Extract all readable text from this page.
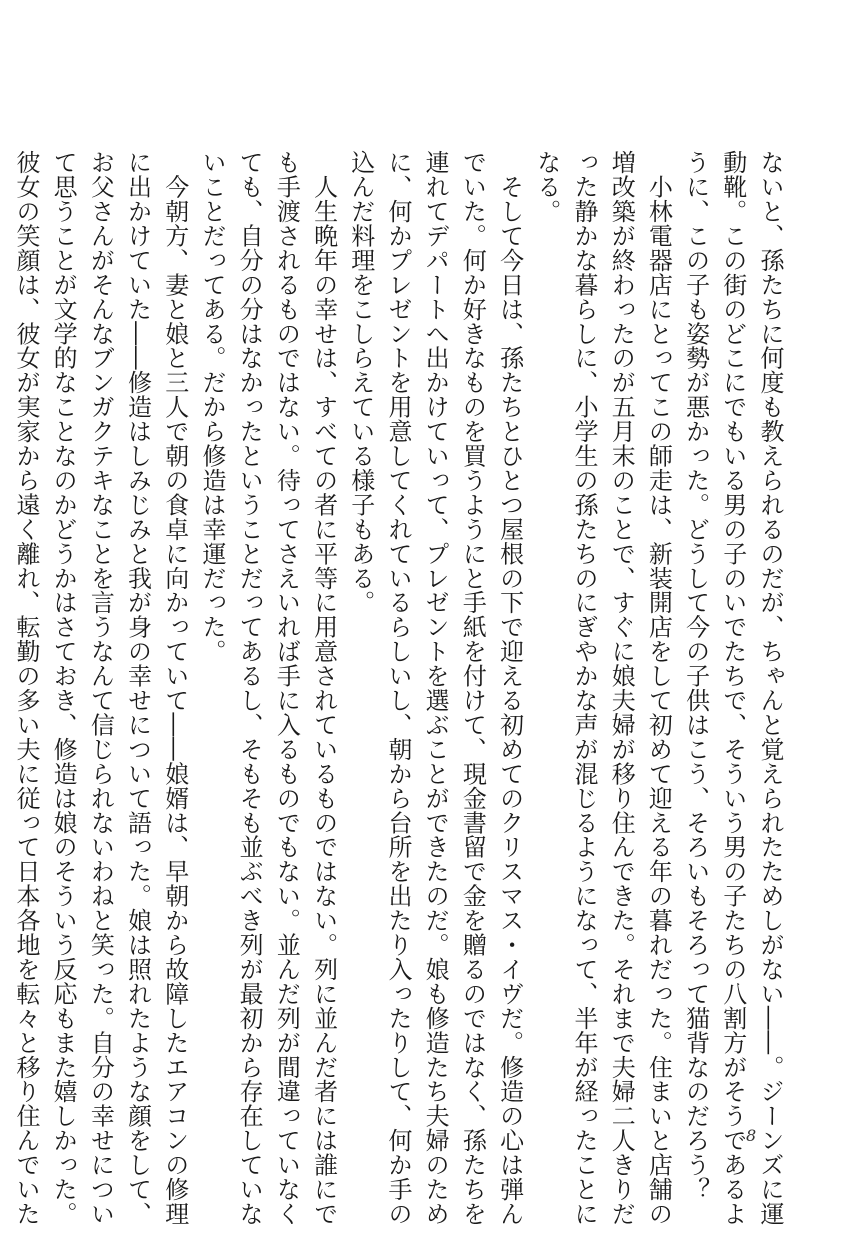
ないと、孫たちに何度も教えられるのだが、ちゃんと覚えられたためしがない――。ジーンズに運
動靴。この街のどこにでもいる男の子のいでたちで、そういう男の子たちの八割方がそうであるよ
うに、この子も姿勢が悪かった。どうして今の子供はこう、そろいもそろって猫背なのだろう？
　小林電器店にとってこの師走は、新装開店をして初めて迎える年の暮れだった。住まいと店舗の
増改築が終わったのが五月末のことで、すぐに娘夫婦が移り住んできた。それまで夫婦二人きりだ
った静かな暮らしに、小学生の孫たちのにぎやかな声が混じるようになって、半年が経ったことに
なる。
　そして今日は、孫たちとひとつ屋根の下で迎える初めてのクリスマス・イヴだ。修造の心は弾ん
でいた。何か好きなものを買うようにと手紙を付けて、現金書留で金を贈るのではなく、孫たちを
連れてデパートへ出かけていって、プレゼントを選ぶことができたのだ。娘も修造たち夫婦のため
に、何かプレゼントを用意してくれているらしいし、朝から台所を出たり入ったりして、何か手の
込んだ料理をこしらえている様子もある。
　人生晩年の幸せは、すべての者に平等に用意されているものではない。列に並んだ者には誰にで
も手渡されるものではない。待ってさえいれば手に入るものでもない。並んだ列が間違っていなく
ても、自分の分はなかったということだってあるし、そもそも並ぶべき列が最初から存在していな
いことだってある。だから修造は幸運だった。
　今朝方、妻と娘と三人で朝の食卓に向かっていて――娘婿は、早朝から故障したエアコンの修理
に出かけていた――修造はしみじみと我が身の幸せについて語った。娘は照れたような顔をして、
お父さんがそんなブンガクテキなことを言うなんて信じられないわねと笑った。自分の幸せについ
て思うことが文学的なことなのかどうかはさておき、修造は娘のそういう反応もまた嬉しかった。
彼女の笑顔は、彼女が実家から遠く離れ、転勤の多い夫に従って日本各地を転々と移り住んでいた	8
